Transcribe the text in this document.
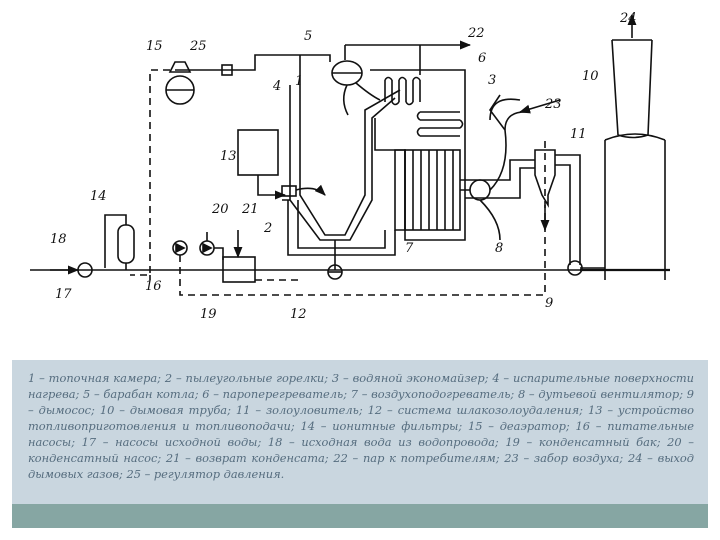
1
2
3
4
5
6
7	8
9
10
11
12
13
14
15
16
17
18
19
20 21
22
23
24
25

1 – топочная камера; 2 – пылеугольные горелки; 3 – водяной экономайзер; 4 – испарительные поверхности нагрева; 5 – барабан котла; 6 – пароперегреватель; 7 – воздухоподогреватель; 8 – дутьевой вентилятор; 9 – дымосос; 10 – дымовая труба; 11 – золоуловитель; 12 – система шлакозолоудаления; 13 – устройство топливоприготовления и топливоподачи; 14 – ионитные фильтры; 15 – деаэратор; 16 – питательные насосы; 17 – насосы исходной воды; 18 – исходная вода из водопровода; 19 – конденсатный бак; 20 – конденсатный насос; 21 – возврат конденсата; 22 – пар к потребителям; 23 – забор воздуха; 24 – выход дымовых газов; 25 – регулятор давления.
